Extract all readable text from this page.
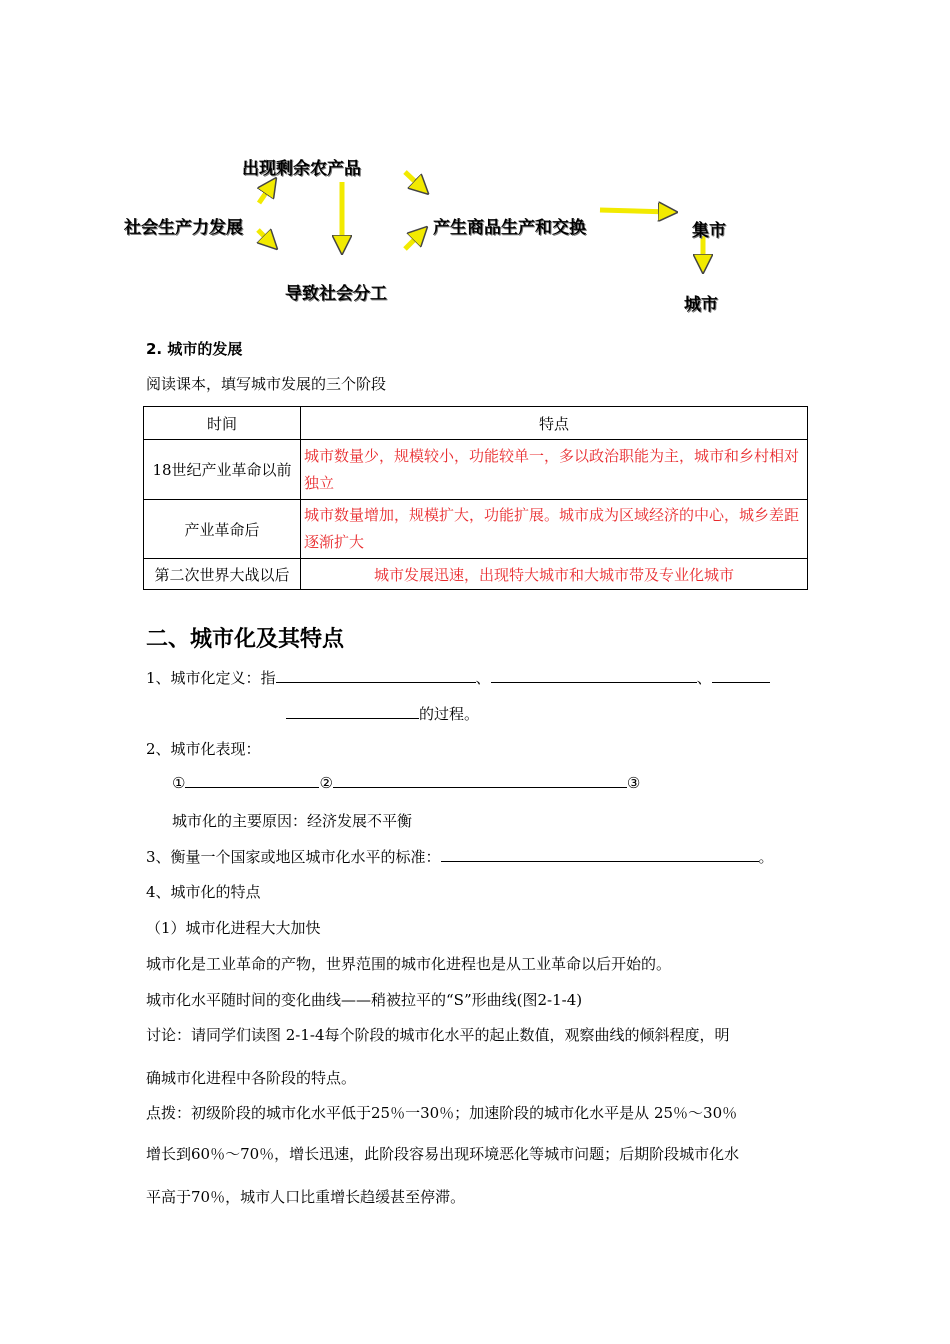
出现剩余农产品
社会生产力发展	产生商品生产和交换	集市
导致社会分工
城市
2. 城市的发展
阅读课本，填写城市发展的三个阶段
时间	特点
18世纪产业革命以前	城市数量少，规模较小，功能较单一，多以政治职能为主，城市和乡村相对独立
产业革命后	城市数量增加，规模扩大，功能扩展。城市成为区域经济的中心，城乡差距逐渐扩大
第二次世界大战以后	城市发展迅速，出现特大城市和大城市带及专业化城市
二、城市化及其特点
1、城市化定义：指	、	、
的过程。
2、城市化表现：
①	②	③
城市化的主要原因：经济发展不平衡
3、衡量一个国家或地区城市化水平的标准：	。
4、城市化的特点
（1）城市化进程大大加快
城市化是工业革命的产物，世界范围的城市化进程也是从工业革命以后开始的。
城市化水平随时间的变化曲线——稍被拉平的“S”形曲线(图2-1-4)
讨论：请同学们读图 2-1-4每个阶段的城市化水平的起止数值，观察曲线的倾斜程度，明
确城市化进程中各阶段的特点。
点拨：初级阶段的城市化水平低于25％一30％；加速阶段的城市化水平是从 25％～30％
增长到60％～70％，增长迅速，此阶段容易出现环境恶化等城市问题；后期阶段城市化水
平高于70％，城市人口比重增长趋缓甚至停滞。
